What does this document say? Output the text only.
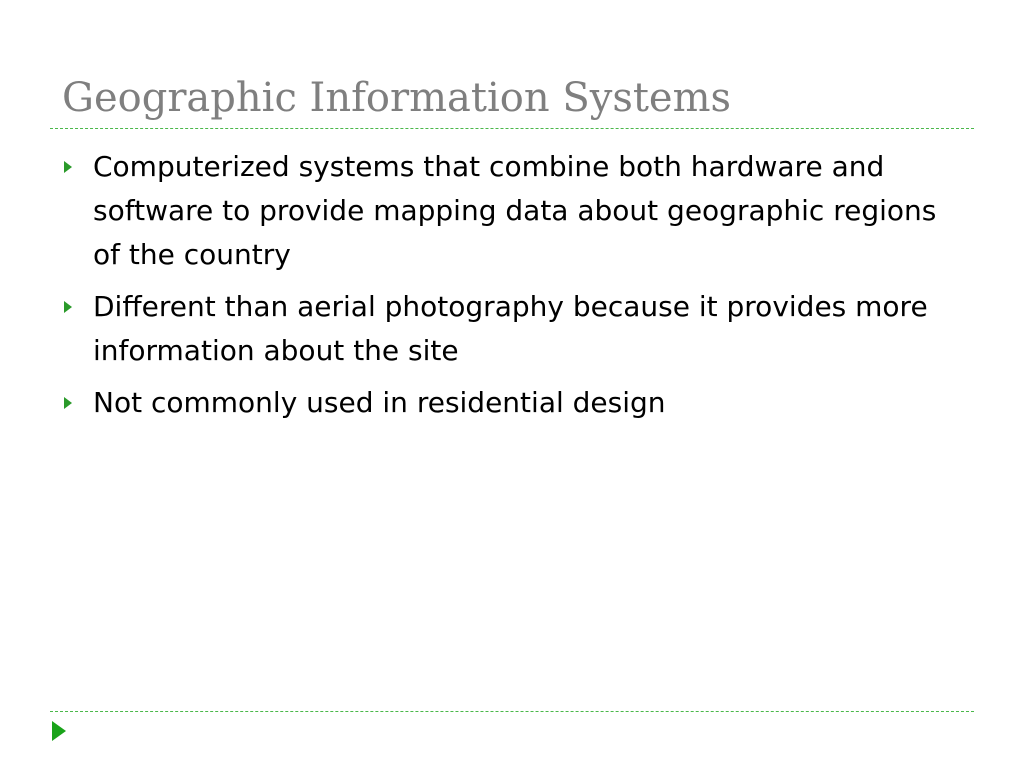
Geographic Information Systems
Computerized systems that combine both hardware and software to provide mapping data about geographic regions of the country
Different than aerial photography because it provides more information about the site
Not commonly used in residential design
